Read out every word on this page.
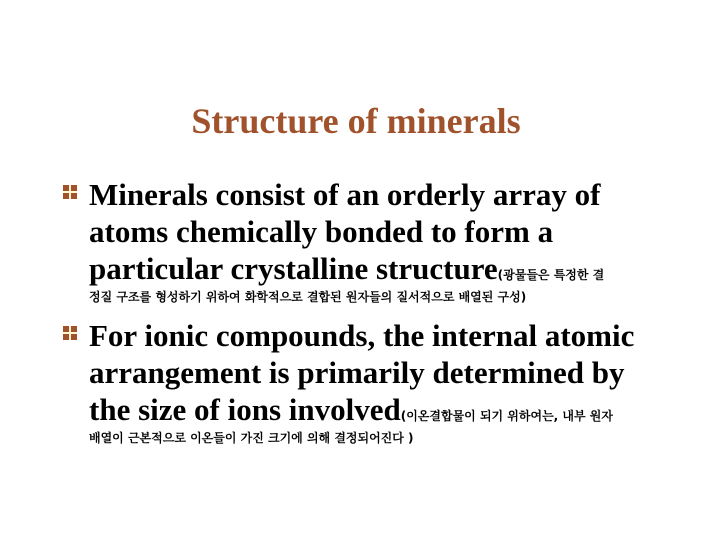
Structure of minerals
Minerals consist of an orderly array of atoms chemically bonded to form a particular crystalline structure(광물들은 특정한 결
정질 구조를 형성하기 위하여 화학적으로 결합된 원자들의 질서적으로 배열된 구성)
For ionic compounds, the internal atomic arrangement is primarily determined by the size of ions involved(이온결합물이 되기 위하여는, 내부 원자
배열이 근본적으로 이온들이 가진 크기에 의해 결정되어진다 )
